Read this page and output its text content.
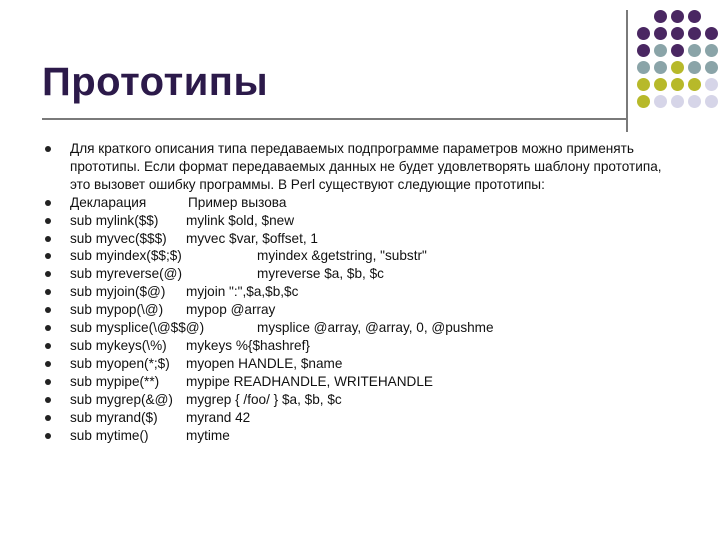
Прототипы
Для краткого описания типа передаваемых подпрограмме параметров можно применять прототипы. Если формат передаваемых данных не будет удовлетворять шаблону прототипа, это вызовет ошибку программы. В Perl существуют следующие прототипы:
Декларация	Пример вызова
sub mylink($$) mylink $old, $new
sub myvec($$$) myvec $var, $offset, 1
sub myindex($$;$)	myindex &getstring, "substr"
sub myreverse(@)	myreverse $a, $b, $c
sub myjoin($@) myjoin ":",$a,$b,$c
sub mypop(\@) mypop @array
sub mysplice(\@$$@)	mysplice @array, @array, 0, @pushme
sub mykeys(\%) mykeys %{$hashref}
sub myopen(*;$) myopen HANDLE, $name
sub mypipe(**) mypipe READHANDLE, WRITEHANDLE
sub mygrep(&@) mygrep { /foo/ } $a, $b, $c
sub myrand($) myrand 42
sub mytime()	mytime
